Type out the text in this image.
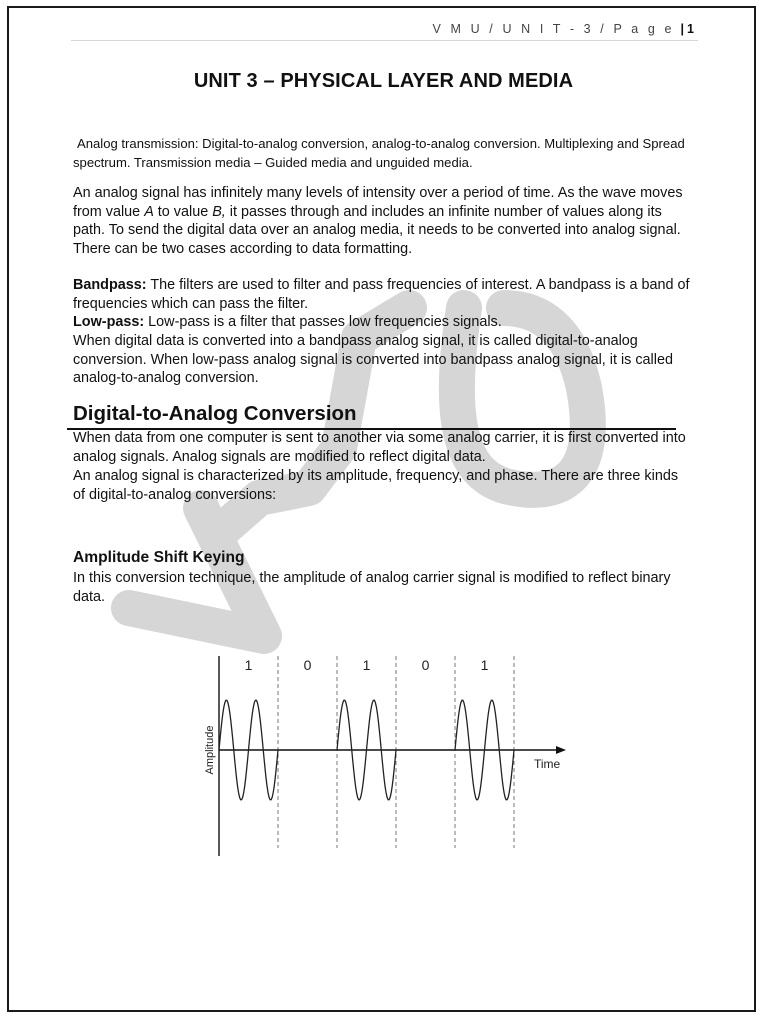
V M U / U N I T - 3 / P a g e | 1
UNIT 3 – PHYSICAL LAYER AND MEDIA

Analog transmission: Digital-to-analog conversion, analog-to-analog conversion. Multiplexing and Spread spectrum. Transmission media – Guided media and unguided media.

An analog signal has infinitely many levels of intensity over a period of time. As the wave moves from value A to value B, it passes through and includes an infinite number of values along its path. To send the digital data over an analog media, it needs to be converted into analog signal. There can be two cases according to data formatting.

Bandpass: The filters are used to filter and pass frequencies of interest. A bandpass is a band of frequencies which can pass the filter.

Low-pass: Low-pass is a filter that passes low frequencies signals.

When digital data is converted into a bandpass analog signal, it is called digital-to-analog conversion. When low-pass analog signal is converted into bandpass analog signal, it is called analog-to-analog conversion.

Digital-to-Analog Conversion

When data from one computer is sent to another via some analog carrier, it is first converted into analog signals. Analog signals are modified to reflect digital data.

An analog signal is characterized by its amplitude, frequency, and phase. There are three kinds of digital-to-analog conversions:

Amplitude Shift Keying

In this conversion technique, the amplitude of analog carrier signal is modified to reflect binary data.

1	0	1	0	1
Time
Amplitude
